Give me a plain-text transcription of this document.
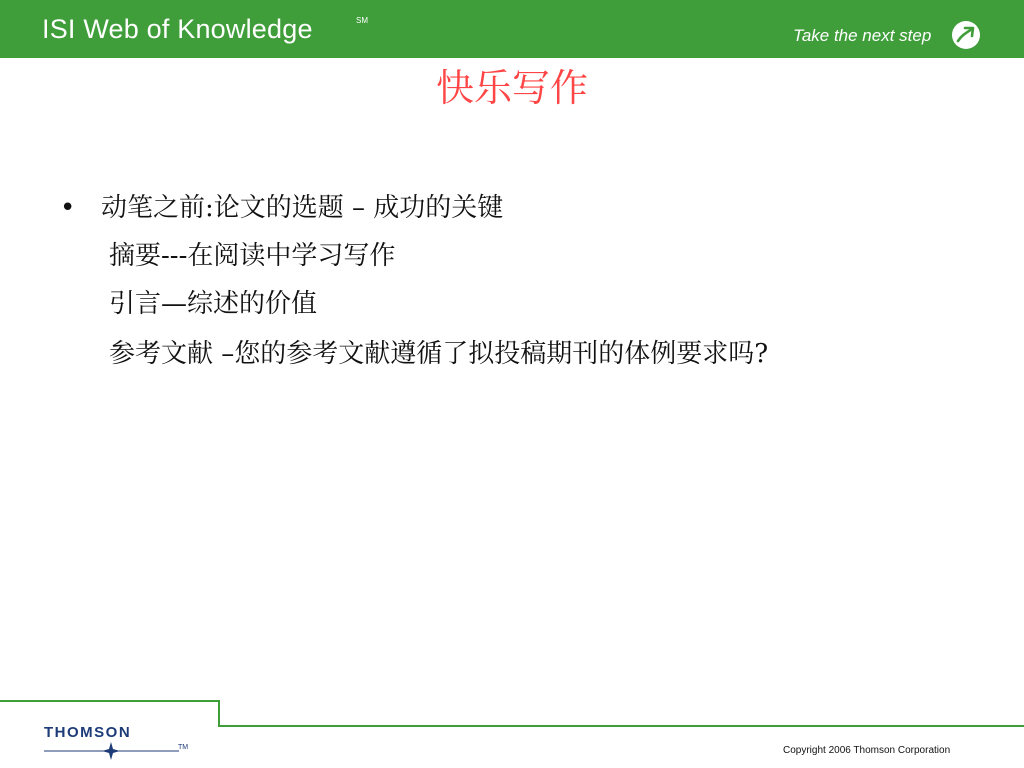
ISI Web of Knowledge	SM
Take the next step
快乐写作
• 动笔之前:论文的选题 – 成功的关键
摘要---在阅读中学习写作
引言—综述的价值
参考文献 –您的参考文献遵循了拟投稿期刊的体例要求吗?
THOMSON
TM	Copyright 2006 Thomson Corporation
